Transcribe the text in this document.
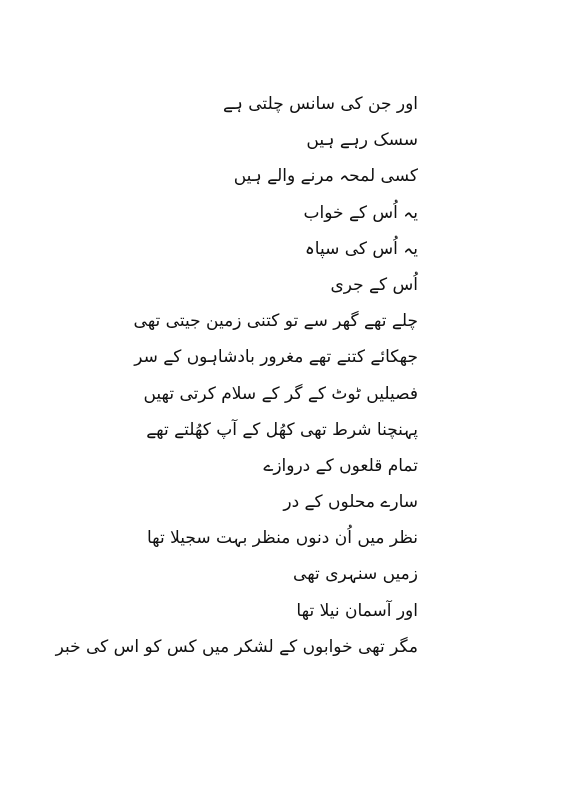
اور جن کی سانس چلتی ہے
سسک رہے ہیں
کسی لمحہ مرنے والے ہیں
یہ اُس کے خواب
یہ اُس کی سپاہ
اُس کے جری
چلے تھے گھر سے تو کتنی زمین جیتی تھی
جھکائے کتنے تھے مغرور بادشاہوں کے سر
فصیلیں ٹوٹ کے گر کے سلام کرتی تھیں
پہنچنا شرط تھی کھُل کے آپ کھُلتے تھے
تمام قلعوں کے دروازے
سارے محلوں کے در
نظر میں اُن دنوں منظر بہت سجیلا تھا
زمیں سنہری تھی
اور آسمان نیلا تھا
مگر تھی خوابوں کے لشکر میں کس کو اس کی خبر
